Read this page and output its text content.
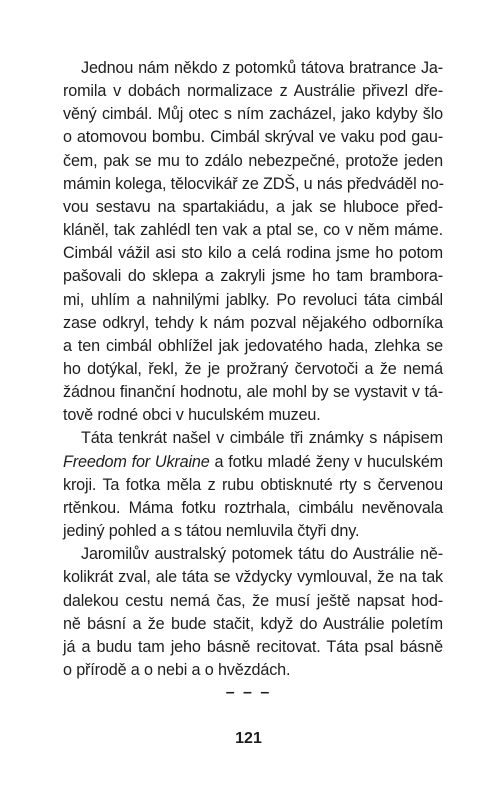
Jednou nám někdo z potomků tátova bratrance Ja-
romila v dobách normalizace z Austrálie přivezl dře-
věný cimbál. Můj otec s ním zacházel, jako kdyby šlo
o atomovou bombu. Cimbál skrýval ve vaku pod gau-
čem, pak se mu to zdálo nebezpečné, protože jeden
mámin kolega, tělocvikář ze ZDŠ, u nás předváděl no-
vou sestavu na spartakiádu, a jak se hluboce před-
kláněl, tak zahlédl ten vak a ptal se, co v něm máme.
Cimbál vážil asi sto kilo a celá rodina jsme ho potom
pašovali do sklepa a zakryli jsme ho tam brambora-
mi, uhlím a nahnilými jablky. Po revoluci táta cimbál
zase odkryl, tehdy k nám pozval nějakého odborníka
a ten cimbál obhlížel jak jedovatého hada, zlehka se
ho dotýkal, řekl, že je prožraný červotoči a že nemá
žádnou finanční hodnotu, ale mohl by se vystavit v tá-
tově rodné obci v huculském muzeu.
Táta tenkrát našel v cimbále tři známky s nápisem
Freedom for Ukraine a fotku mladé ženy v huculském
kroji. Ta fotka měla z rubu obtisknuté rty s červenou
rtěnkou. Máma fotku roztrhala, cimbálu nevěnovala
jediný pohled a s tátou nemluvila čtyři dny.
Jaromilův australský potomek tátu do Austrálie ně-
kolikrát zval, ale táta se vždycky vymlouval, že na tak
dalekou cestu nemá čas, že musí ještě napsat hod-
ně básní a že bude stačit, když do Austrálie poletím
já a budu tam jeho básně recitovat. Táta psal básně
o přírodě a o nebi a o hvězdách.
– – –
121
